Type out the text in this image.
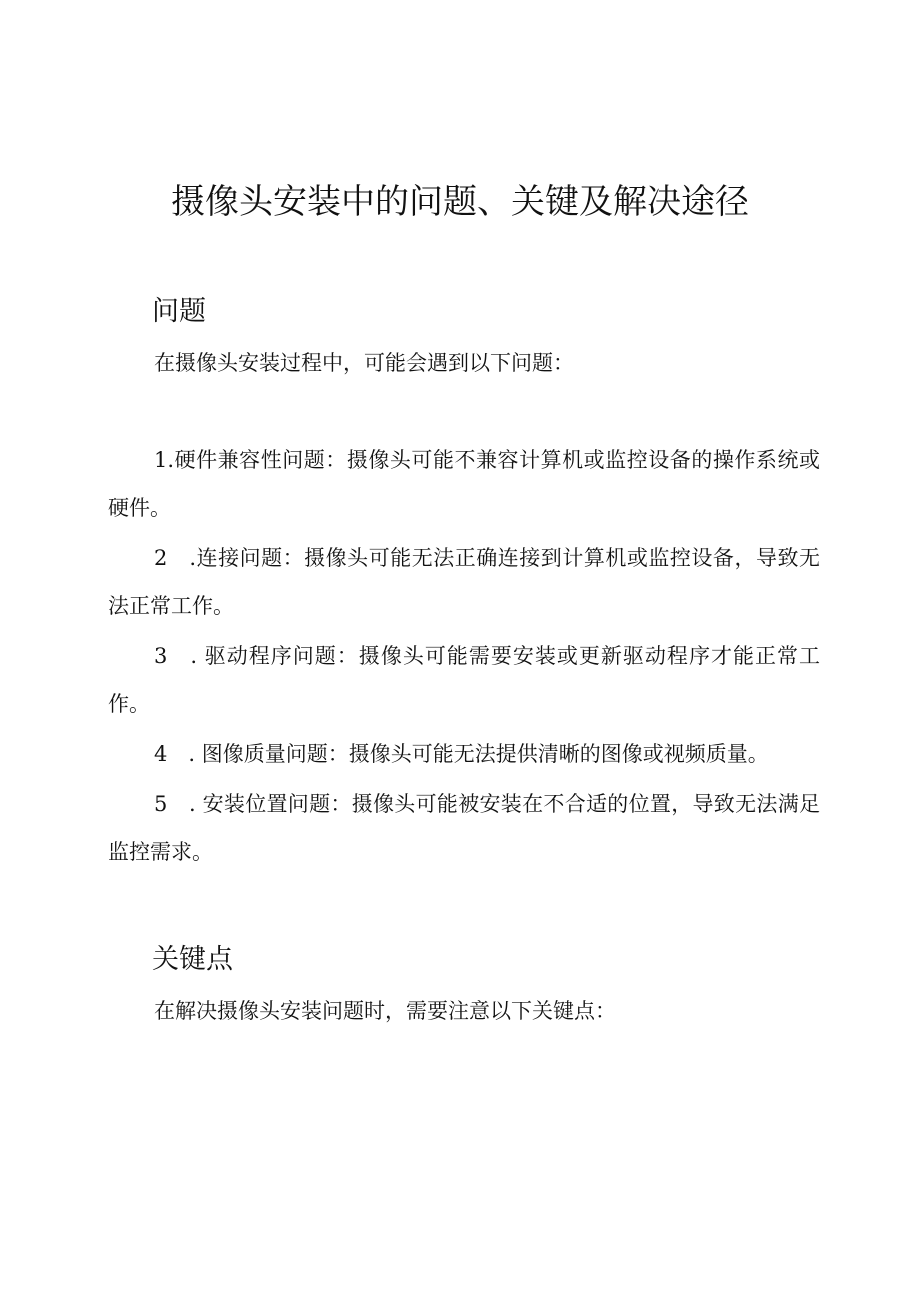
摄像头安装中的问题、关键及解决途径
问题

在摄像头安装过程中，可能会遇到以下问题：

1.硬件兼容性问题：摄像头可能不兼容计算机或监控设备的操作系统或硬件。

2　.连接问题：摄像头可能无法正确连接到计算机或监控设备，导致无法正常工作。

3　. 驱动程序问题：摄像头可能需要安装或更新驱动程序才能正常工作。

4　. 图像质量问题：摄像头可能无法提供清晰的图像或视频质量。

5　. 安装位置问题：摄像头可能被安装在不合适的位置，导致无法满足监控需求。

关键点

在解决摄像头安装问题时，需要注意以下关键点：
